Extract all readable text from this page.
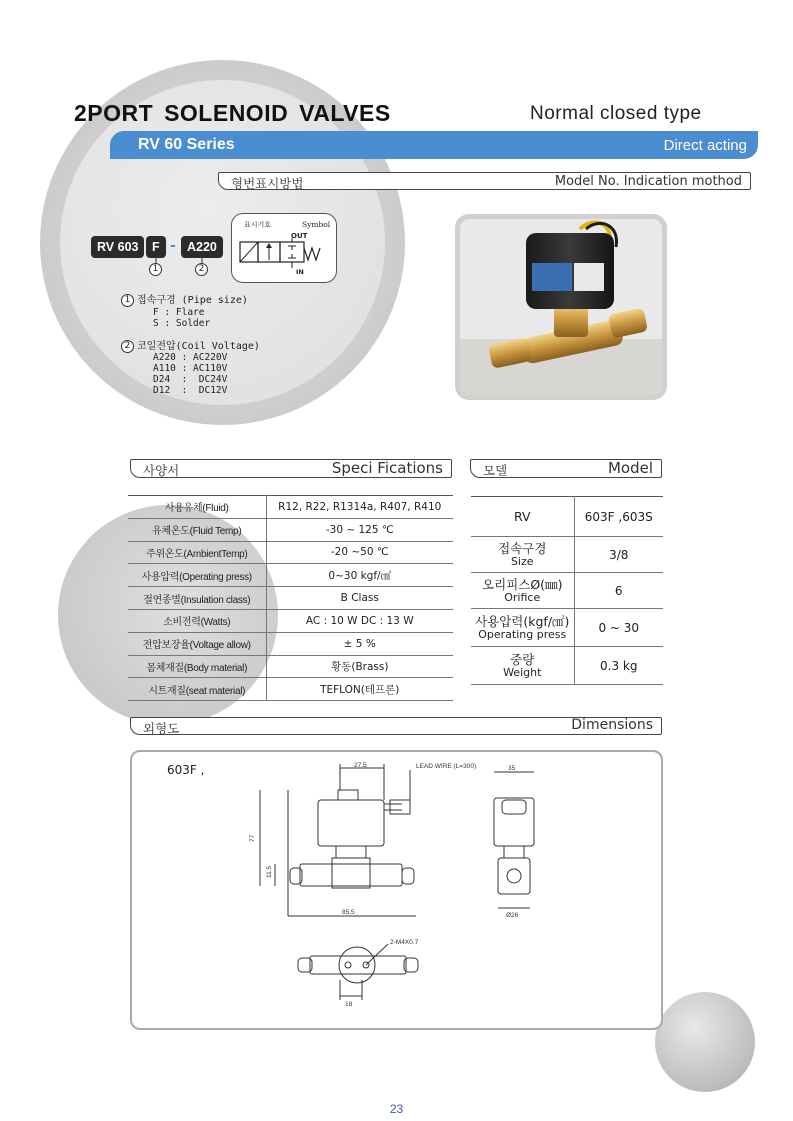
2PORT SOLENOID VALVES	Normal closed type
RV 60 Series	Direct acting
형번표시방법	Model No. Indication mothod
RV 603	F - A220
1	2
표시기호	Symbol
OUT
IN
1 접속구경 (Pipe size)
F : Flare
S : Solder
2 코일전압(Coil Voltage)
A220 : AC220V
A110 : AC110V
D24  :  DC24V
D12  :  DC12V
사양서	Speci Fications	모델	Model
사용유체(Fluid)	R12, R22, R1314a, R407, R410
유체온도(Fluid Temp)	-30 ~ 125 ℃
주위온도(AmbientTemp)	-20 ~50 ℃
사용압력(Operating press)	0~30 kgf/㎠
절연종별(Insulation class)	B Class
소비전력(Watts)	AC : 10 W DC : 13 W
전압보장율(Voltage allow)	± 5 %
몸체재질(Body material)	황동(Brass)
시트재질(seat material)	TEFLON(테프론)
RV	603F ,603S

접속구경
Size	3/8

오리피스Ø(㎜)
Orifice	6

사용압력(kgf/㎠)
Operating press	0 ~ 30

중량
Weight	0.3 kg
외형도	Dimensions
603F ,	27.5	LEAD WIRE (L=300)	35
77
11.5
85.5	Ø26
2-M4X0.7
18
23
